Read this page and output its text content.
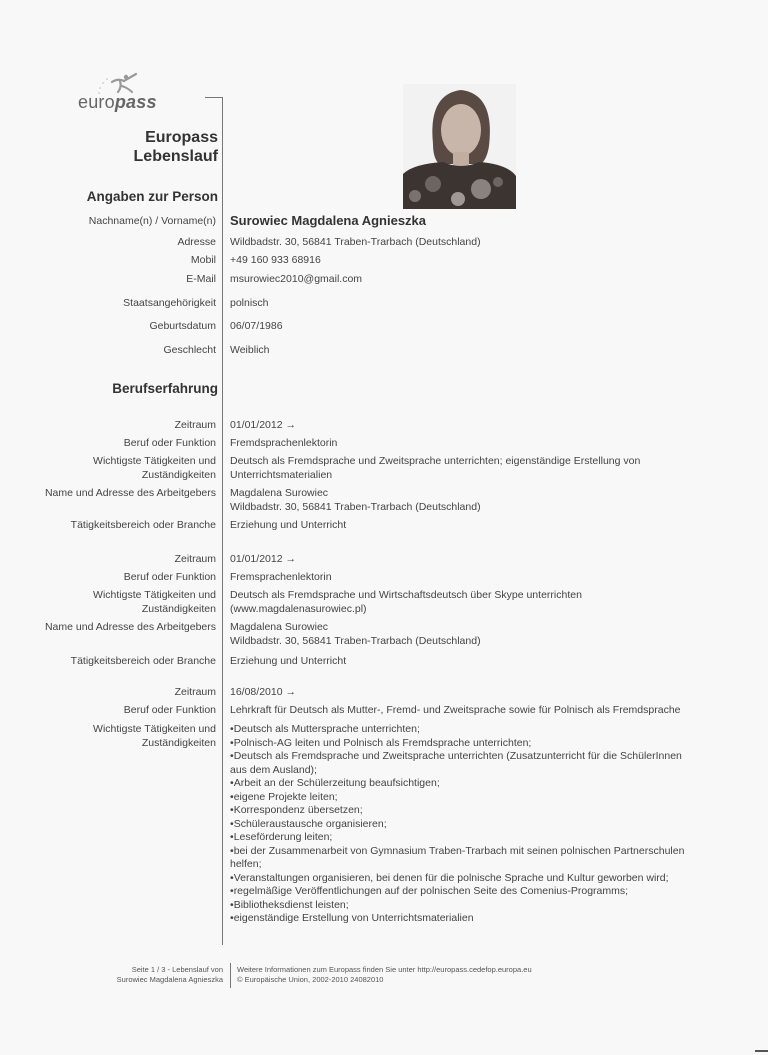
europass
Europass
Lebenslauf
Angaben zur Person
Nachname(n) / Vorname(n) Surowiec Magdalena Agnieszka
Adresse Wildbadstr. 30, 56841 Traben-Trarbach (Deutschland)
Mobil +49 160 933 68916
E-Mail msurowiec2010@gmail.com
Staatsangehörigkeit polnisch
Geburtsdatum 06/07/1986
Geschlecht Weiblich
Berufserfahrung
Zeitraum 01/01/2012 →
Beruf oder Funktion Fremdsprachenlektorin
Wichtigste Tätigkeiten und
Zuständigkeiten
Deutsch als Fremdsprache und Zweitsprache unterrichten; eigenständige Erstellung von
Unterrichtsmaterialien
Name und Adresse des Arbeitgebers Magdalena Surowiec
Wildbadstr. 30, 56841 Traben-Trarbach (Deutschland)
Tätigkeitsbereich oder Branche Erziehung und Unterricht
Zeitraum 01/01/2012 →
Beruf oder Funktion Fremsprachenlektorin
Wichtigste Tätigkeiten und
Zuständigkeiten
Deutsch als Fremdsprache und Wirtschaftsdeutsch über Skype unterrichten
(www.magdalenasurowiec.pl)
Name und Adresse des Arbeitgebers Magdalena Surowiec
Wildbadstr. 30, 56841 Traben-Trarbach (Deutschland)
Tätigkeitsbereich oder Branche Erziehung und Unterricht
Zeitraum 16/08/2010 →
Beruf oder Funktion Lehrkraft für Deutsch als Mutter-, Fremd- und Zweitsprache sowie für Polnisch als Fremdsprache
Wichtigste Tätigkeiten und
Zuständigkeiten
• Deutsch als Muttersprache unterrichten;
• Polnisch-AG leiten und Polnisch als Fremdsprache unterrichten;
• Deutsch als Fremdsprache und Zweitsprache unterrichten (Zusatzunterricht für die SchülerInnen aus dem Ausland);
• Arbeit an der Schülerzeitung beaufsichtigen;
• eigene Projekte leiten;
• Korrespondenz übersetzen;
• Schüleraustausche organisieren;
• Leseförderung leiten;
• bei der Zusammenarbeit von Gymnasium Traben-Trarbach mit seinen polnischen Partnerschulen helfen;
• Veranstaltungen organisieren, bei denen für die polnische Sprache und Kultur geworben wird;
• regelmäßige Veröffentlichungen auf der polnischen Seite des Comenius-Programms;
• Bibliotheksdienst leisten;
• eigenständige Erstellung von Unterrichtsmaterialien
Seite 1 / 3 - Lebenslauf von
Surowiec Magdalena Agnieszka
Weitere Informationen zum Europass finden Sie unter http://europass.cedefop.europa.eu
© Europäische Union, 2002-2010 24082010
